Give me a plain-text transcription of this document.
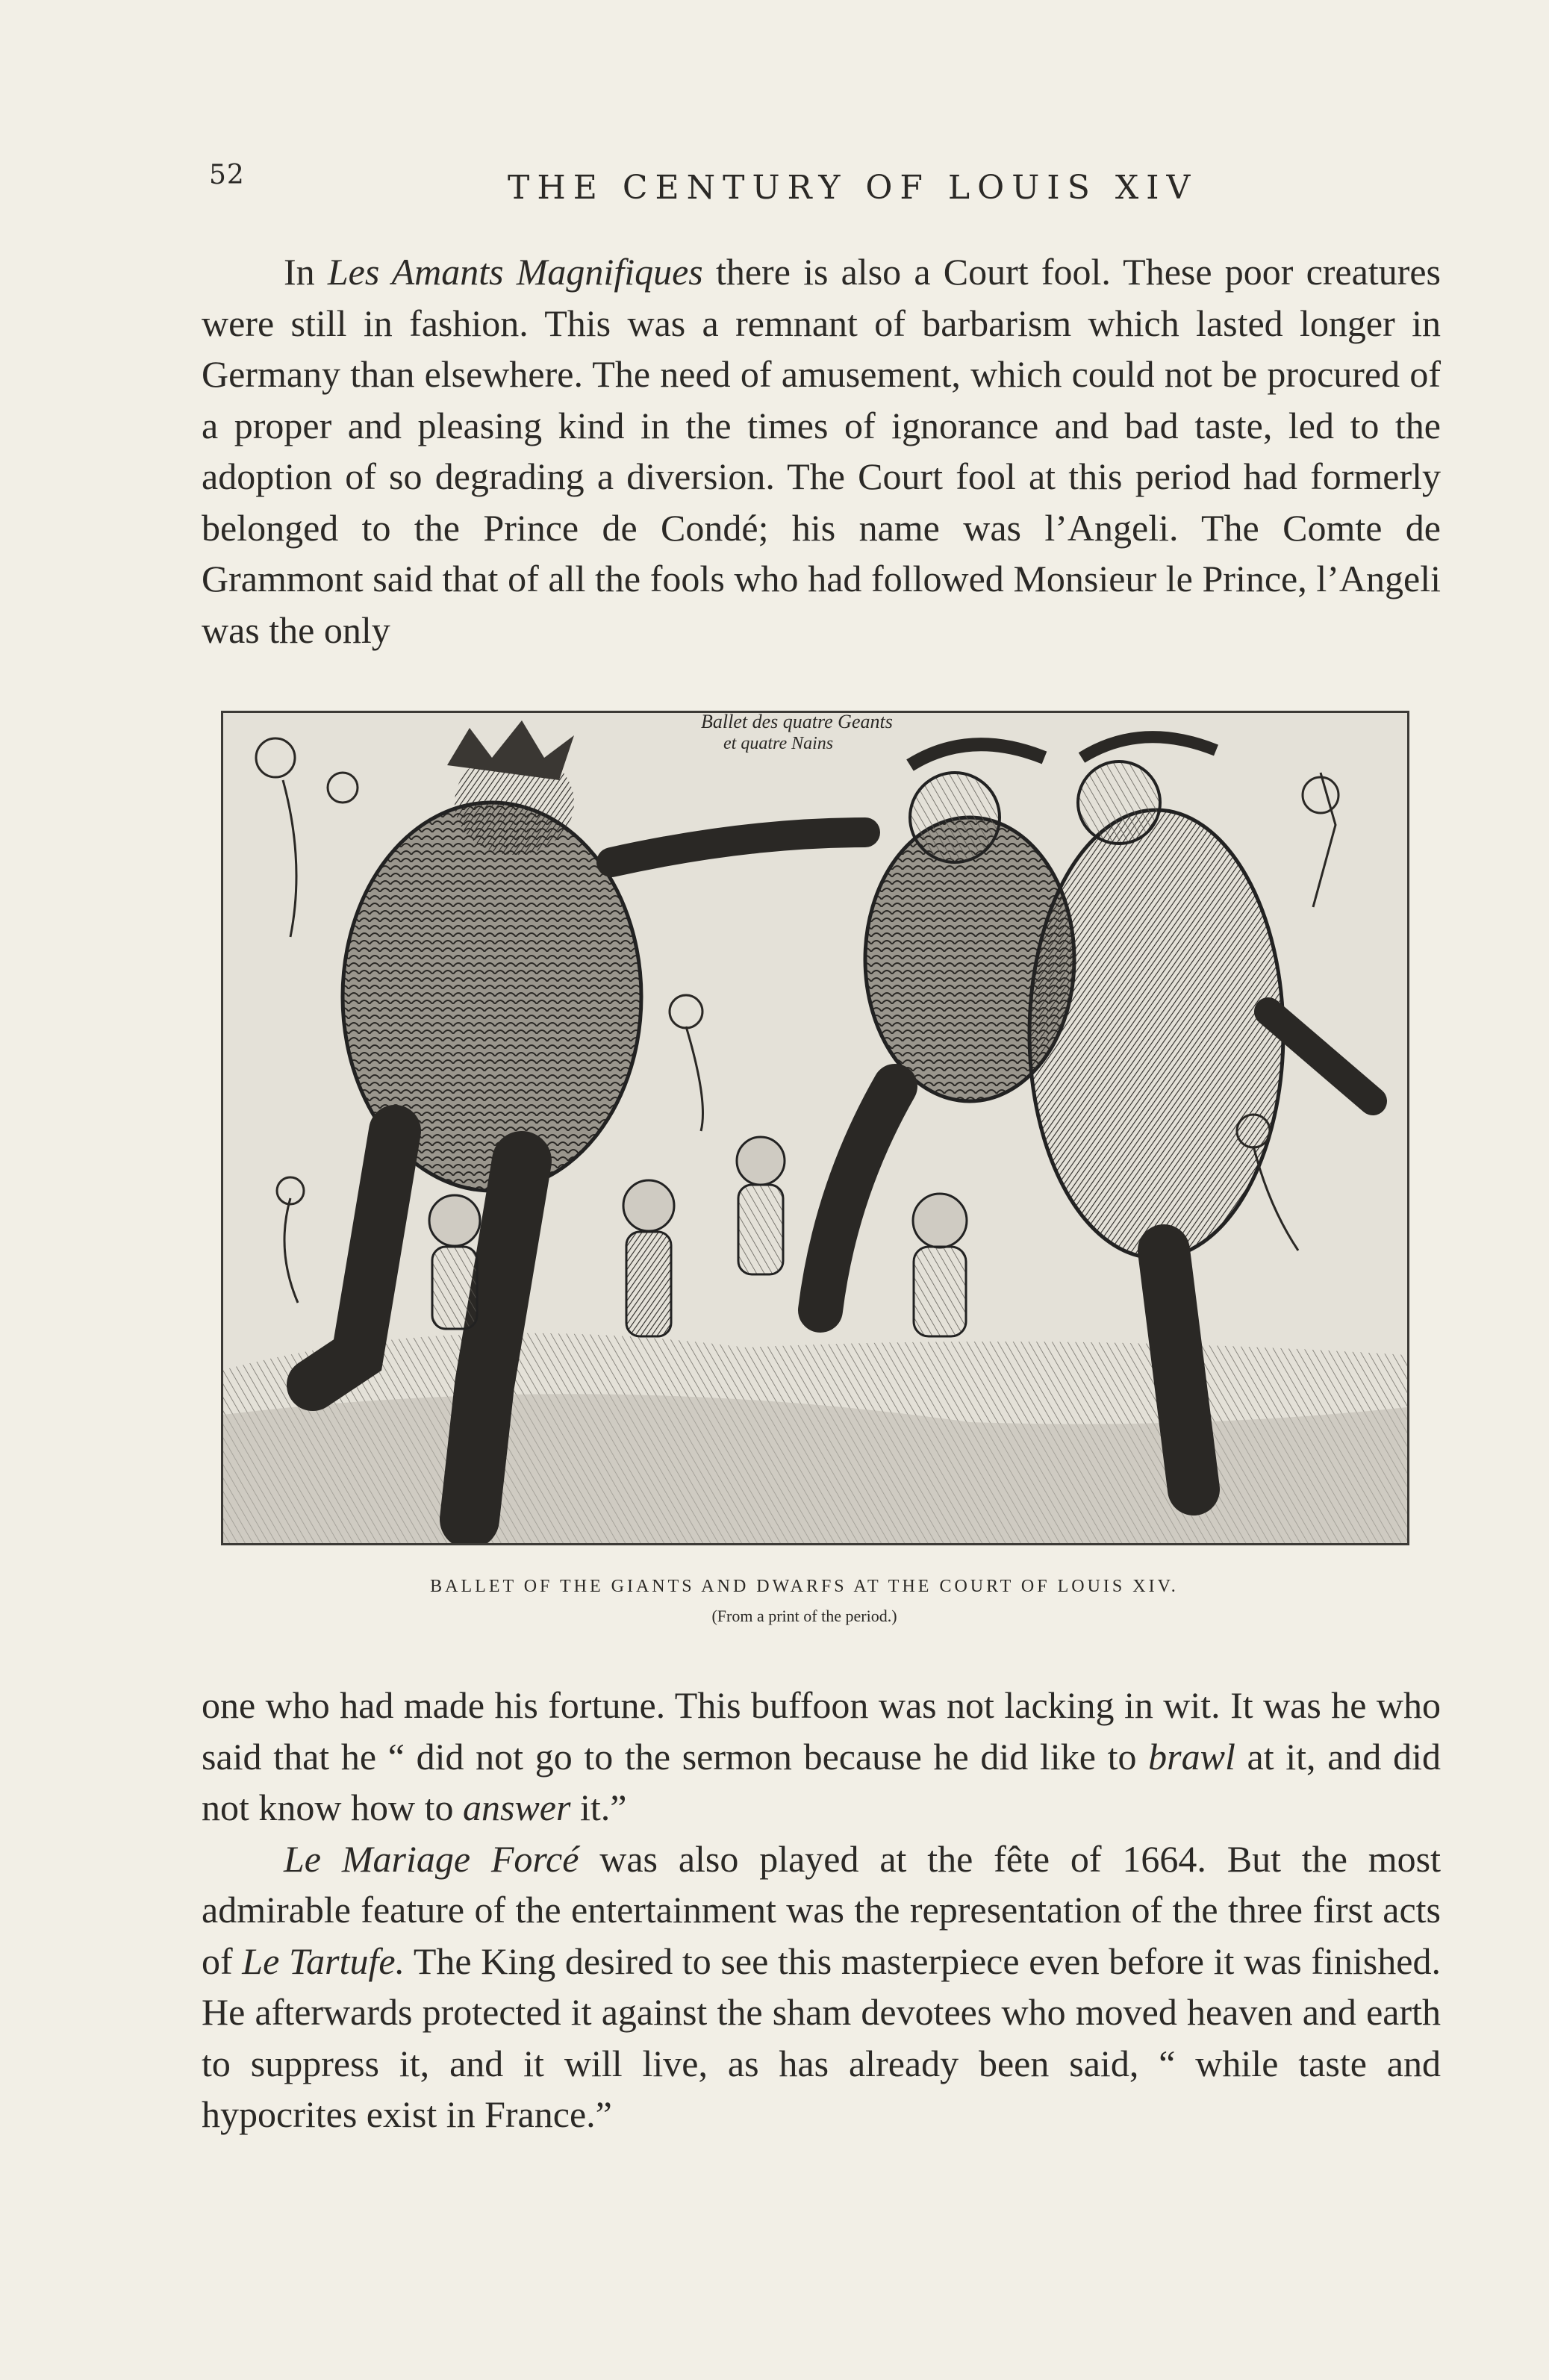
52	THE CENTURY OF LOUIS XIV

In Les Amants Magnifiques there is also a Court fool. These poor creatures were still in fashion. This was a remnant of barbarism which lasted longer in Germany than elsewhere. The need of amusement, which could not be procured of a proper and pleasing kind in the times of ignorance and bad taste, led to the adoption of so degrading a diversion. The Court fool at this period had formerly belonged to the Prince de Condé; his name was l’Angeli. The Comte de Grammont said that of all the fools who had followed Monsieur le Prince, l’Angeli was the only

Ballet des quatre Geants
et quatre Nains
BALLET OF THE GIANTS AND DWARFS AT THE COURT OF LOUIS XIV.
(From a print of the period.)

one who had made his fortune. This buffoon was not lacking in wit. It was he who said that he “ did not go to the sermon because he did like to brawl at it, and did not know how to answer it.”

Le Mariage Forcé was also played at the fête of 1664. But the most admirable feature of the entertainment was the representation of the three first acts of Le Tartufe. The King desired to see this masterpiece even before it was finished. He afterwards protected it against the sham devotees who moved heaven and earth to suppress it, and it will live, as has already been said, “ while taste and hypocrites exist in France.”
